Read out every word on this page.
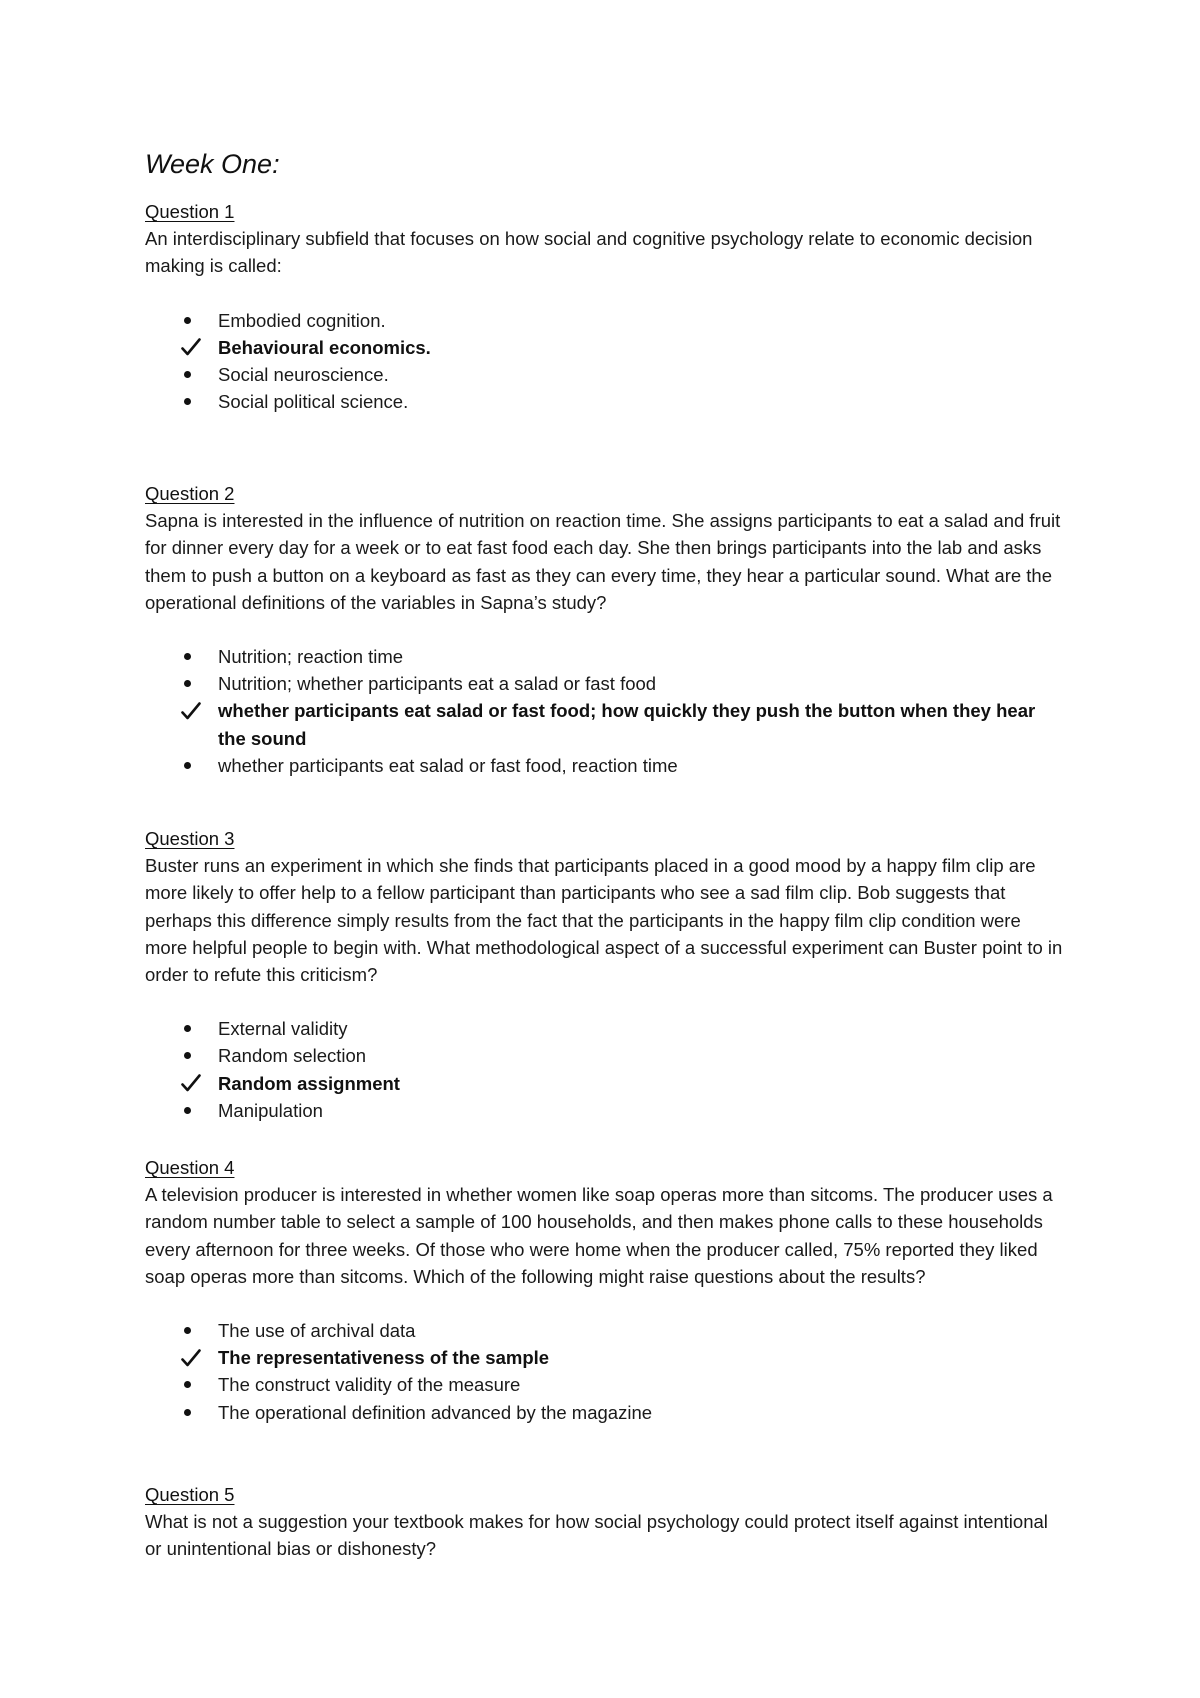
Week One:
Question 1

An interdisciplinary subfield that focuses on how social and cognitive psychology relate to economic decision making is called:

Embodied cognition.
Behavioural economics.
Social neuroscience.
Social political science.
Question 2

Sapna is interested in the influence of nutrition on reaction time. She assigns participants to eat a salad and fruit for dinner every day for a week or to eat fast food each day. She then brings participants into the lab and asks them to push a button on a keyboard as fast as they can every time, they hear a particular sound. What are the operational definitions of the variables in Sapna’s study?

Nutrition; reaction time
Nutrition; whether participants eat a salad or fast food
whether participants eat salad or fast food; how quickly they push the button when they hear the sound
whether participants eat salad or fast food, reaction time
Question 3

Buster runs an experiment in which she finds that participants placed in a good mood by a happy film clip are more likely to offer help to a fellow participant than participants who see a sad film clip. Bob suggests that perhaps this difference simply results from the fact that the participants in the happy film clip condition were more helpful people to begin with. What methodological aspect of a successful experiment can Buster point to in order to refute this criticism?

External validity
Random selection
Random assignment
Manipulation
Question 4

A television producer is interested in whether women like soap operas more than sitcoms. The producer uses a random number table to select a sample of 100 households, and then makes phone calls to these households every afternoon for three weeks. Of those who were home when the producer called, 75% reported they liked soap operas more than sitcoms. Which of the following might raise questions about the results?

The use of archival data
The representativeness of the sample
The construct validity of the measure
The operational definition advanced by the magazine
Question 5

What is not a suggestion your textbook makes for how social psychology could protect itself against intentional or unintentional bias or dishonesty?
